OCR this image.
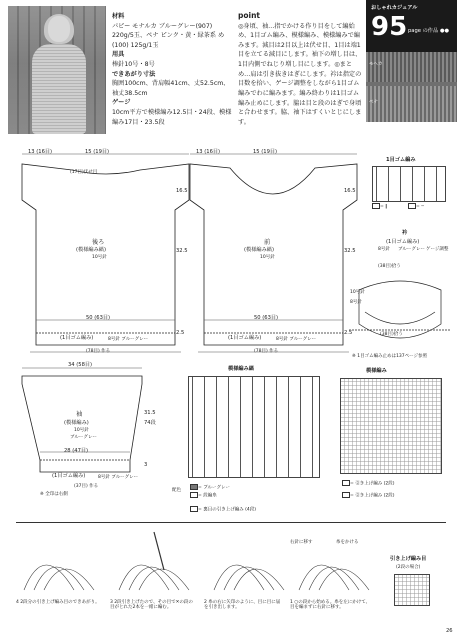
材料
パピー モナルカ ブルーグレー(907) 220g/5玉、ペナ ピンク・黄・緑茶系 め(100) 125g/1玉
用具
棒針10号・8号
できあがり寸法
胸囲100cm、背肩幅41cm、丈52.5cm、袖丈38.5cm
ゲージ
10cm平方で模様編み12.5目・24段、模様編み17目・23.5段
point
◎身頃、袖…指でかける作り目をして編始め、1目ゴム編み、模様編み、模様編みで編みます。減目は2目以上は伏せ目、1目は端1目を立てる減目にします。袖下の増し目は、1目内側でねじり増し目にします。◎まとめ…肩は引き抜きはぎにします。衿は指定の目数を拾い、ゲージ調整をしながら1目ゴム編みでわに編みます。編み終わりは1目ゴム編み止めにします。脇は目と段のはぎで身頃と合わせます。脇、袖下はすくいとじにします。
おしゃれカジュアル
95 page の作品 ●●
モヘカ
ペナ
13 (16目)	15 (19目)
(17目)伏せ目
後ろ
(模様編み縞)
10号針
50 (63目)
16.5
32.5
2.5
(1目ゴム編み)	8号針 ブルーグレー
(78目) 作る
13 (16目)	15 (19目)
前
(模様編み縞)
10号針
50 (63目)
16.5
32.5
2.5
(1目ゴム編み)	8号針 ブルーグレー
(78目) 作る
1目ゴム編み
= ‖	= ─
衿
(1目ゴム編み)
8号針 ブルーグレー ゲージ調整
(38目)拾う
(38目)拾う
10号針
8号針
※ 1目ゴム編み止めは137ページ参照
34 (58目)
袖
(模様編み)
10号針
ブルーグレー
28 (47目)
31.5
74段
3
(1目ゴム編み)	8号針 ブルーグレー
(37目) 作る
※ 全印は右側
模様編み縞
配色	= ブルーグレー
= 段編糸
= 裏目の引き上げ編み (4段)
模様編み
= 引き上げ編み (2段)
= 引き上げ編み (2段)
右針に移す	糸をかける
4 2段分の引き上げ編み目のできあがり。	3 2段引き上げたので、その目で✕の段の目がとれた2本を一緒に編む。
2 糸の右に矢印のように、目に目に届を引き出します。
1 ○の段から始める。糸を左にかけて、目を編まずに右針に移す。
引き上げ編み目
(2段の場合)
26
